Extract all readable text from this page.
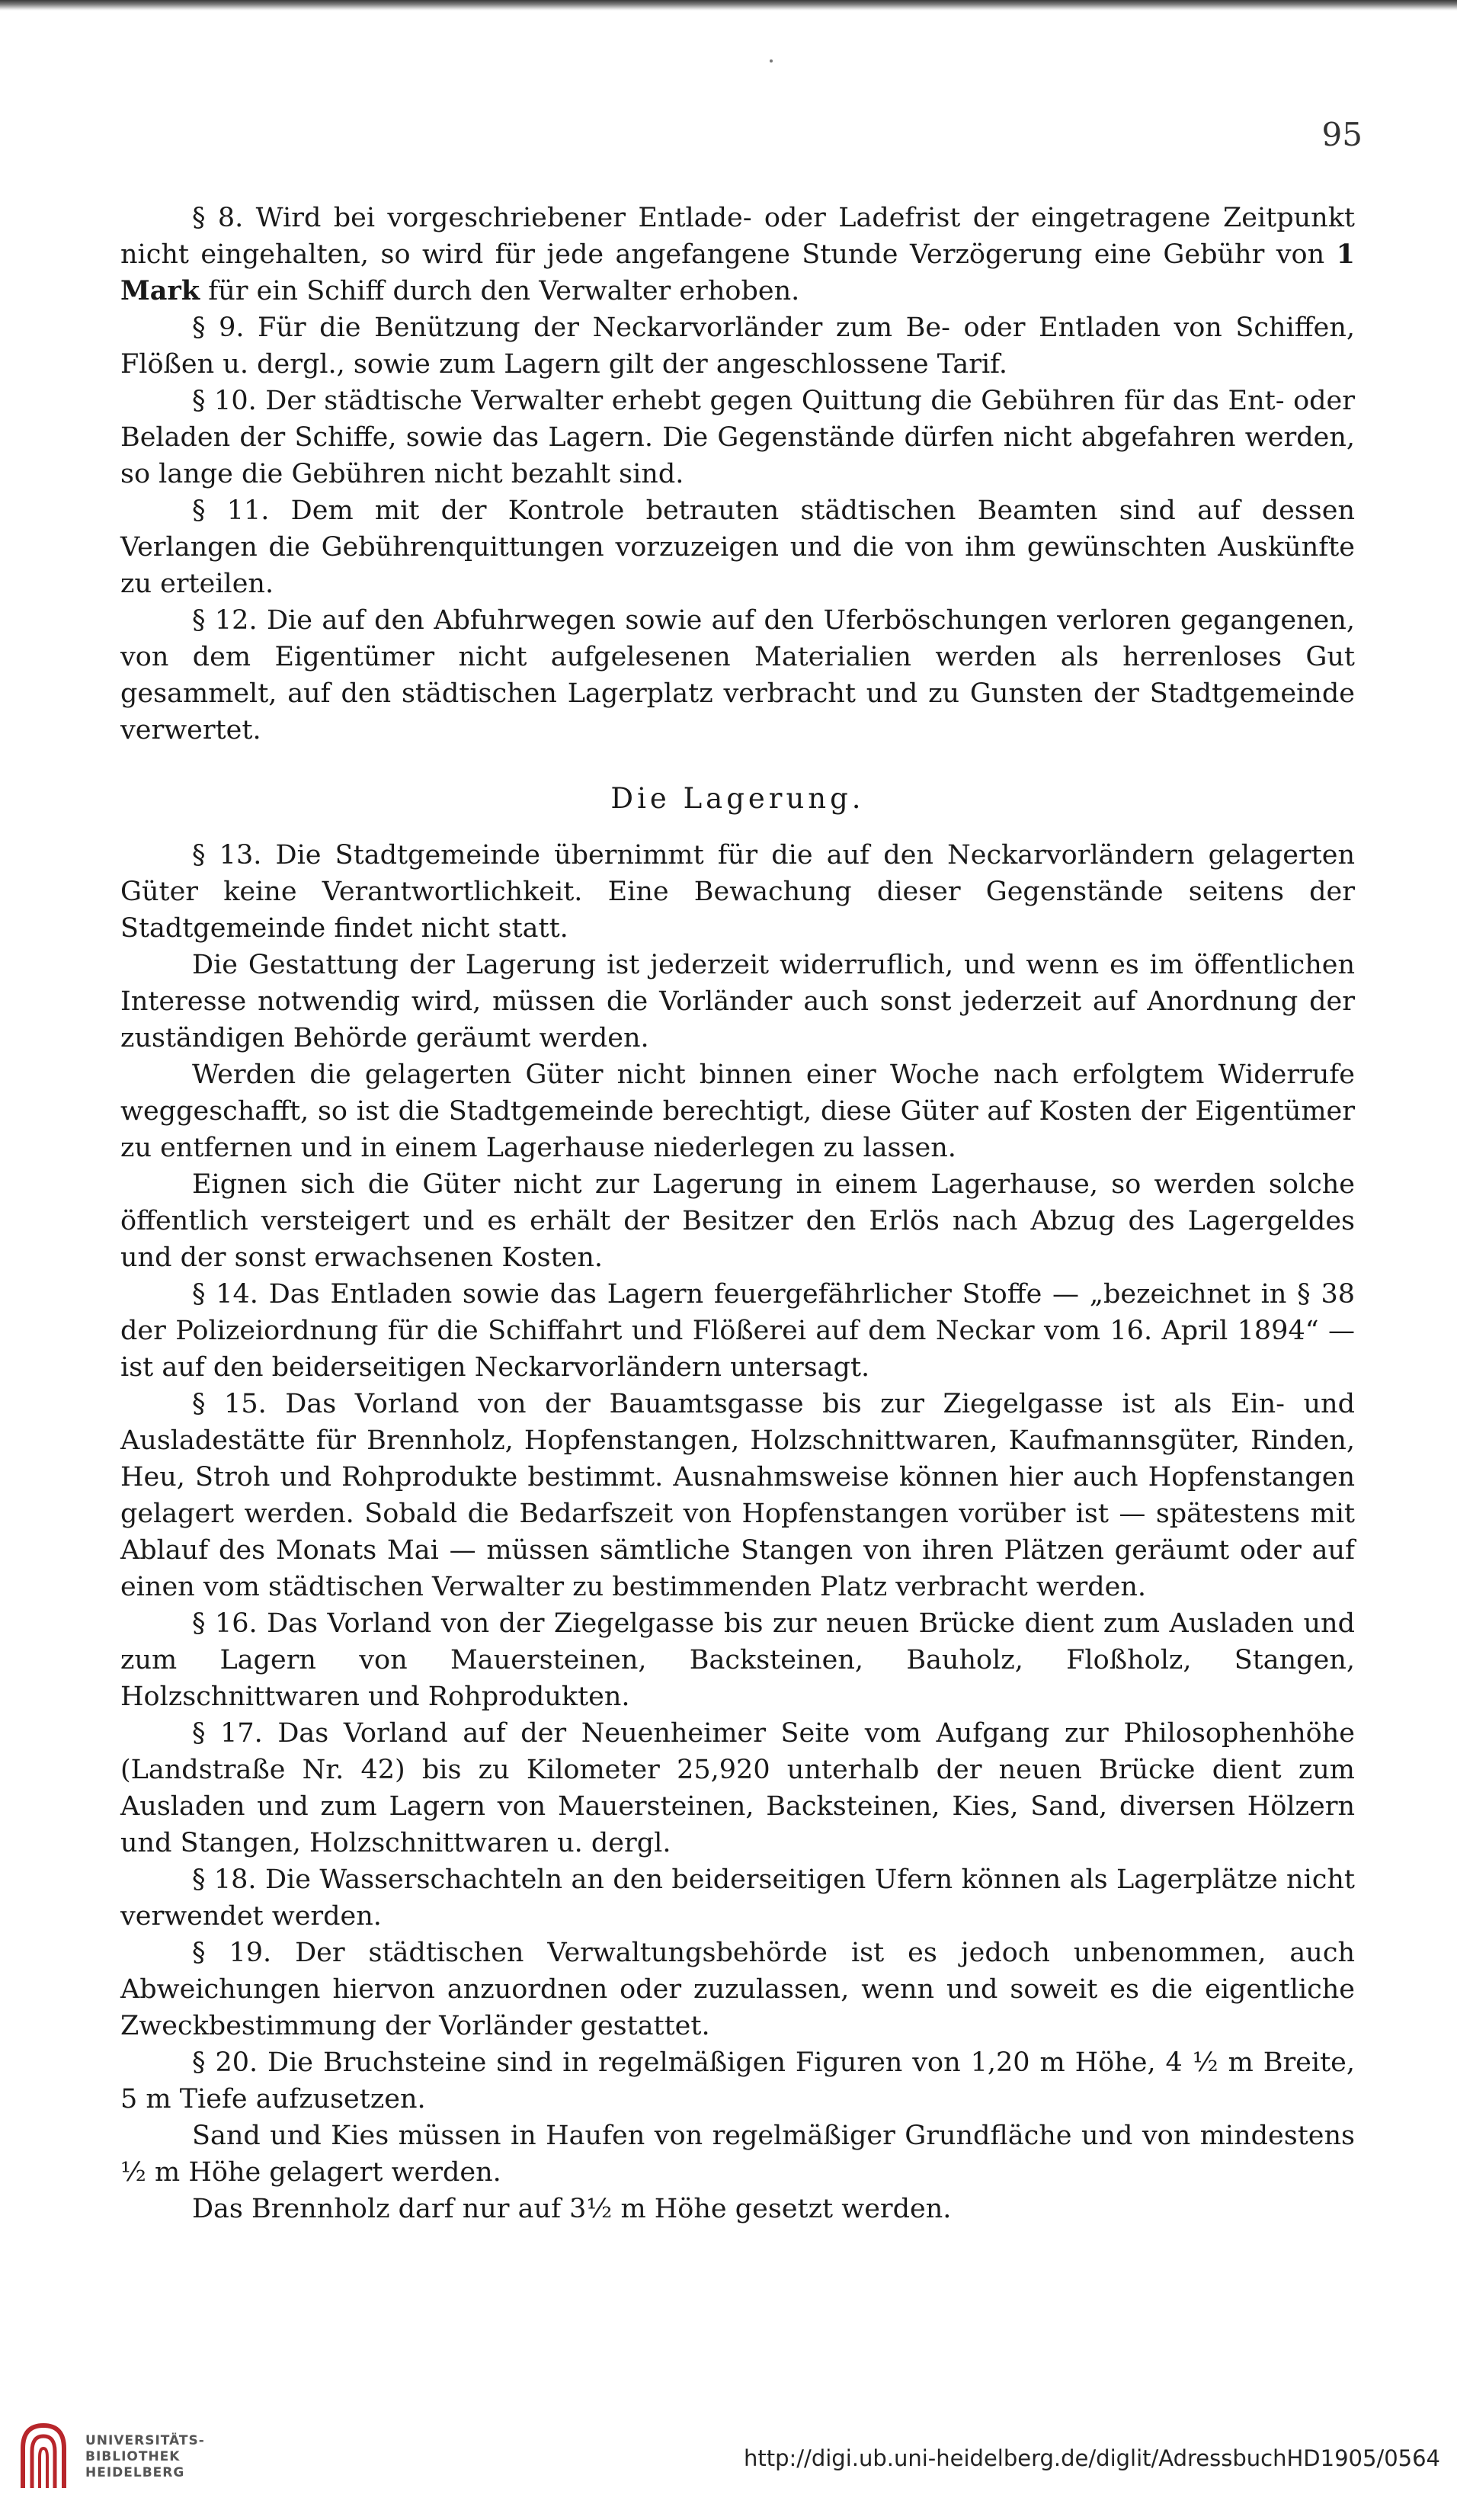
95

§ 8. Wird bei vorgeschriebener Entlade- oder Ladefrist der eingetragene Zeitpunkt nicht eingehalten, so wird für jede angefangene Stunde Verzögerung eine Gebühr von 1 Mark für ein Schiff durch den Verwalter erhoben.

§ 9. Für die Benützung der Neckarvorländer zum Be- oder Entladen von Schiffen, Flößen u. dergl., sowie zum Lagern gilt der angeschlossene Tarif.

§ 10. Der städtische Verwalter erhebt gegen Quittung die Gebühren für das Ent- oder Beladen der Schiffe, sowie das Lagern. Die Gegenstände dürfen nicht abgefahren werden, so lange die Gebühren nicht bezahlt sind.

§ 11. Dem mit der Kontrole betrauten städtischen Beamten sind auf dessen Verlangen die Gebührenquittungen vorzuzeigen und die von ihm gewünschten Auskünfte zu erteilen.

§ 12. Die auf den Abfuhrwegen sowie auf den Uferböschungen verloren gegangenen, von dem Eigentümer nicht aufgelesenen Materialien werden als herrenloses Gut gesammelt, auf den städtischen Lagerplatz verbracht und zu Gunsten der Stadtgemeinde verwertet.

Die Lagerung.

§ 13. Die Stadtgemeinde übernimmt für die auf den Neckarvorländern gelagerten Güter keine Verantwortlichkeit. Eine Bewachung dieser Gegenstände seitens der Stadtgemeinde findet nicht statt.

Die Gestattung der Lagerung ist jederzeit widerruflich, und wenn es im öffentlichen Interesse notwendig wird, müssen die Vorländer auch sonst jederzeit auf Anordnung der zuständigen Behörde geräumt werden.

Werden die gelagerten Güter nicht binnen einer Woche nach erfolgtem Widerrufe weggeschafft, so ist die Stadtgemeinde berechtigt, diese Güter auf Kosten der Eigentümer zu entfernen und in einem Lagerhause niederlegen zu lassen.

Eignen sich die Güter nicht zur Lagerung in einem Lagerhause, so werden solche öffentlich versteigert und es erhält der Besitzer den Erlös nach Abzug des Lagergeldes und der sonst erwachsenen Kosten.

§ 14. Das Entladen sowie das Lagern feuergefährlicher Stoffe — „bezeichnet in § 38 der Polizeiordnung für die Schiffahrt und Flößerei auf dem Neckar vom 16. April 1894“ — ist auf den beiderseitigen Neckarvorländern untersagt.

§ 15. Das Vorland von der Bauamtsgasse bis zur Ziegelgasse ist als Ein- und Ausladestätte für Brennholz, Hopfenstangen, Holzschnittwaren, Kaufmannsgüter, Rinden, Heu, Stroh und Rohprodukte bestimmt. Ausnahmsweise können hier auch Hopfenstangen gelagert werden. Sobald die Bedarfszeit von Hopfenstangen vorüber ist — spätestens mit Ablauf des Monats Mai — müssen sämtliche Stangen von ihren Plätzen geräumt oder auf einen vom städtischen Verwalter zu bestimmenden Platz verbracht werden.

§ 16. Das Vorland von der Ziegelgasse bis zur neuen Brücke dient zum Ausladen und zum Lagern von Mauersteinen, Backsteinen, Bauholz, Floßholz, Stangen, Holzschnittwaren und Rohprodukten.

§ 17. Das Vorland auf der Neuenheimer Seite vom Aufgang zur Philosophenhöhe (Landstraße Nr. 42) bis zu Kilometer 25,920 unterhalb der neuen Brücke dient zum Ausladen und zum Lagern von Mauersteinen, Backsteinen, Kies, Sand, diversen Hölzern und Stangen, Holzschnittwaren u. dergl.

§ 18. Die Wasserschachteln an den beiderseitigen Ufern können als Lagerplätze nicht verwendet werden.

§ 19. Der städtischen Verwaltungsbehörde ist es jedoch unbenommen, auch Abweichungen hiervon anzuordnen oder zuzulassen, wenn und soweit es die eigentliche Zweckbestimmung der Vorländer gestattet.

§ 20. Die Bruchsteine sind in regelmäßigen Figuren von 1,20 m Höhe, 4 ½ m Breite, 5 m Tiefe aufzusetzen.

Sand und Kies müssen in Haufen von regelmäßiger Grundfläche und von mindestens ½ m Höhe gelagert werden.

Das Brennholz darf nur auf 3½ m Höhe gesetzt werden.

UNIVERSITÄTS-
BIBLIOTHEK
HEIDELBERG
http://digi.ub.uni-heidelberg.de/diglit/AdressbuchHD1905/0564
